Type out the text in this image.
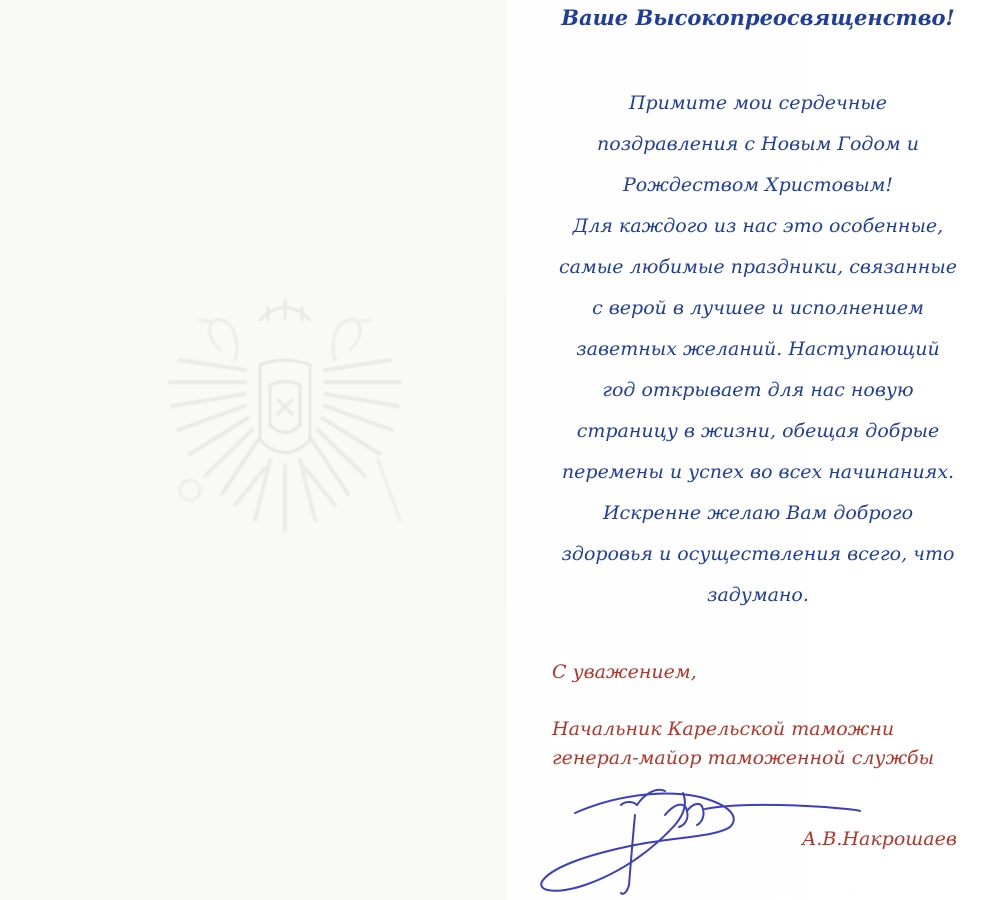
Ваше Высокопреосвященство!
Примите мои сердечные
поздравления с Новым Годом и
Рождеством Христовым!
Для каждого из нас это особенные,
самые любимые праздники, связанные
с верой в лучшее и исполнением
заветных желаний. Наступающий
год открывает для нас новую
страницу в жизни, обещая добрые
перемены и успех во всех начинаниях.
Искренне желаю Вам доброго
здоровья и осуществления всего, что
задумано.

С уважением,

Начальник Карельской таможни
генерал-майор таможенной службы

А.В.Накрошаев
